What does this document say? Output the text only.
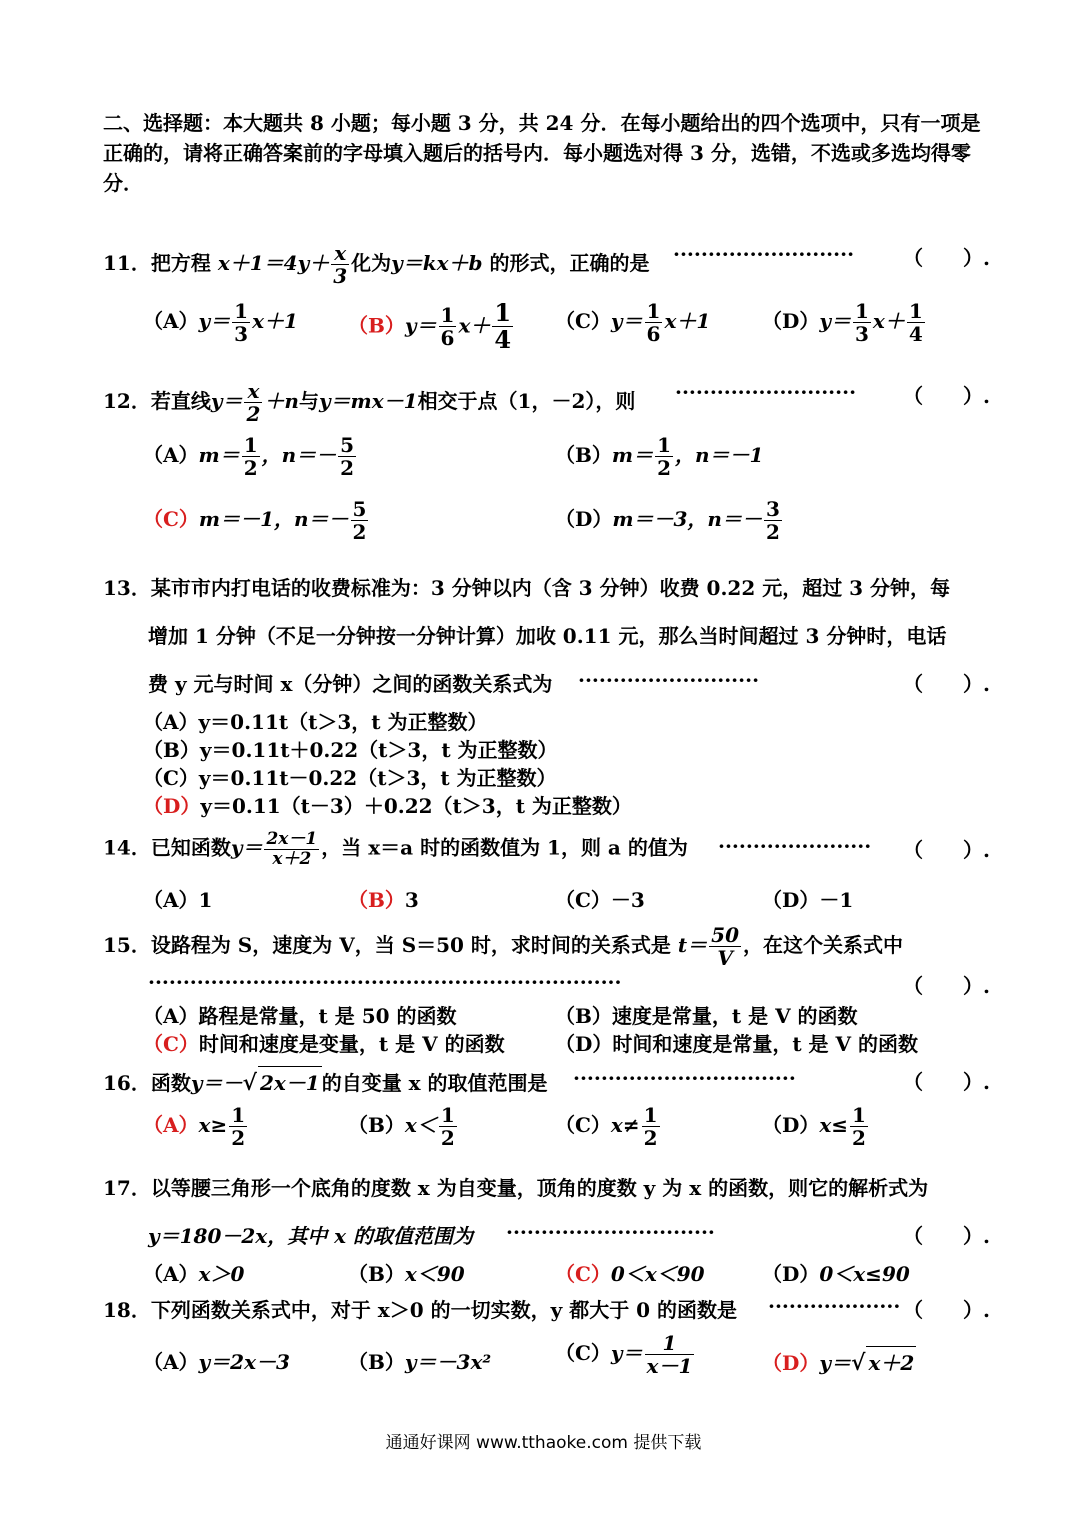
二、选择题：本大题共 8 小题；每小题 3 分，共 24 分．在每小题给出的四个选项中，只有一项是正确的，请将正确答案前的字母填入题后的括号内．每小题选对得 3 分，选错，不选或多选均得零分．
11．把方程 $x+1=4y+ \frac{x}{3}$ 化为y＝kx＋b 的形式，正确的是 ·························· （　　）.
$(A)y= \frac{1}{3} x+1$	$(B)y= \frac{1}{6} x+ \frac{1}{4} (C)y= \frac{1}{6} x+1$	$(D)y= \frac{1}{3} x+ \frac{1}{4}$
12．若直线$y= \frac{x}{2} +n$与y＝mx－1相交于点（1，－2），则 ·························· （　　）.
$(A)m= \frac{1}{2}$ ，$n=- \frac{5}{2}$	$(B)m= \frac{1}{2}$ ，n＝－1
（C）m＝－1，$n=- \frac{5}{2}$	（D）m＝－3，$n=- \frac{3}{2}$
13．某市市内打电话的收费标准为：3 分钟以内（含 3 分钟）收费 0.22 元，超过 3 分钟，每
增加 1 分钟（不足一分钟按一分钟计算）加收 0.11 元，那么当时间超过 3 分钟时，电话
费 y 元与时间 x（分钟）之间的函数关系式为 ··························	（　　）.
（A）y＝0.11t（t＞3，t 为正整数）
（B）y＝0.11t＋0.22（t＞3，t 为正整数）
（C）y＝0.11t－0.22（t＞3，t 为正整数）
（D）y＝0.11（t－3）＋0.22（t＞3，t 为正整数）
14．已知函数$y= \frac{2x-1}{x+2}$ ，当 x＝a 时的函数值为 1，则 a 的值为 ······················ （　　）.
（A）1	（B）3	（C）－3	（D）－1
15．设路程为 S，速度为 V，当 S＝50 时，求时间的关系式是 $t= \frac{50}{V}$ ，在这个关系式中
····································································	（　　）.
（A）路程是常量，t 是 50 的函数	（B）速度是常量，t 是 V 的函数
（C）时间和速度是变量，t 是 V 的函数	（D）时间和速度是常量，t 是 V 的函数
16．函数y＝－√ 2x－1 的自变量 x 的取值范围是 ································	（　　）.
$(A)x\ge \frac{1}{2}$	$(B)x< \frac{1}{2}$	$(C)x\ne \frac{1}{2}$	$(D)x\le \frac{1}{2}$
17．以等腰三角形一个底角的度数 x 为自变量，顶角的度数 y 为 x 的函数，则它的解析式为
y＝180－2x，其中 x 的取值范围为 ······························	（　　）.
（A）x＞0	（B）x＜90	（C）0＜x＜90	（D）0＜x≤90
18．下列函数关系式中，对于 x＞0 的一切实数，y 都大于 0 的函数是 ··················· （　　）.
（A）y＝2x－3	（B）y＝－3x²	$(C)y= \frac{1}{x-1}$	（D）y＝√ x＋2
通通好课网 www.tthaoke.com 提供下载
